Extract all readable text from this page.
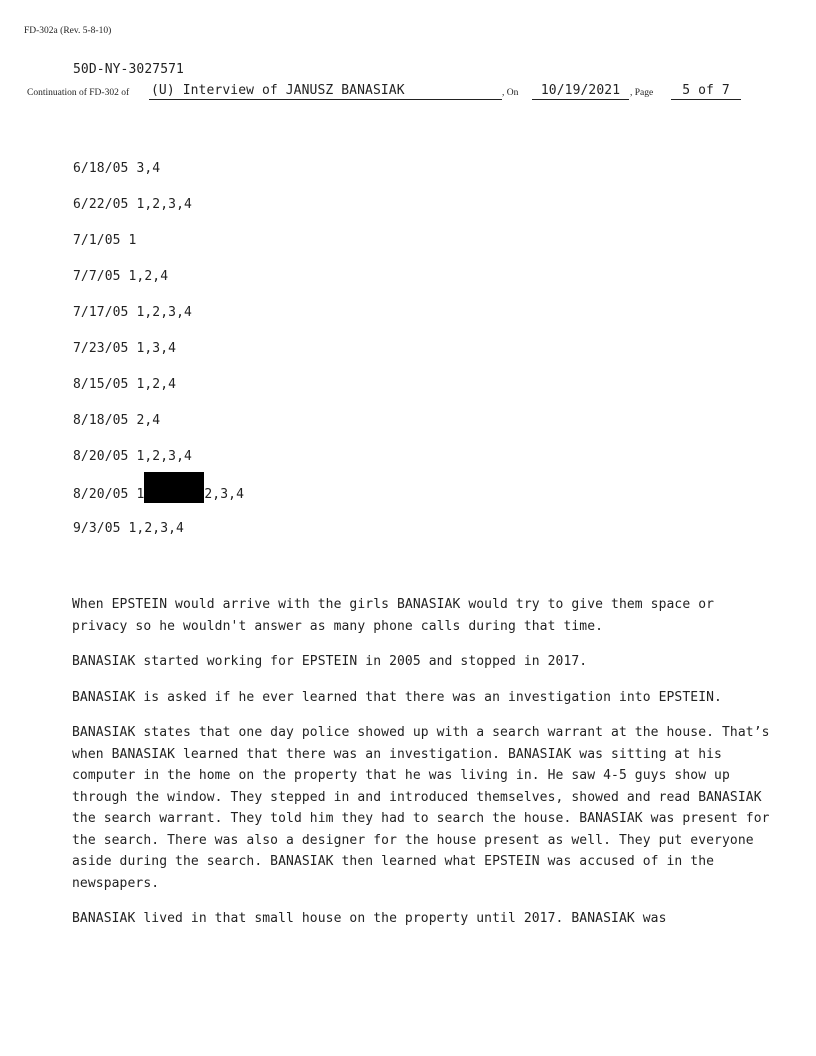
FD-302a (Rev. 5-8-10)
50D-NY-3027571
Continuation of FD-302 of (U) Interview of JANUSZ BANASIAK	, On	10/19/2021	, Page	5 of 7
6/18/05 3,4
6/22/05 1,2,3,4
7/1/05 1
7/7/05 1,2,4
7/17/05 1,2,3,4
7/23/05 1,3,4
8/15/05 1,2,4
8/18/05 2,4
8/20/05 1,2,3,4
8/20/05 1	2,3,4
9/3/05 1,2,3,4

When EPSTEIN would arrive with the girls BANASIAK would try to give them space or privacy so he wouldn't answer as many phone calls during that time.

BANASIAK started working for EPSTEIN in 2005 and stopped in 2017.

BANASIAK is asked if he ever learned that there was an investigation into EPSTEIN.

BANASIAK states that one day police showed up with a search warrant at the house. That’s when BANASIAK learned that there was an investigation. BANASIAK was sitting at his computer in the home on the property that he was living in. He saw 4-5 guys show up through the window. They stepped in and introduced themselves, showed and read BANASIAK the search warrant. They told him they had to search the house. BANASIAK was present for the search. There was also a designer for the house present as well. They put everyone aside during the search. BANASIAK then learned what EPSTEIN was accused of in the newspapers.

BANASIAK lived in that small house on the property until 2017. BANASIAK was
